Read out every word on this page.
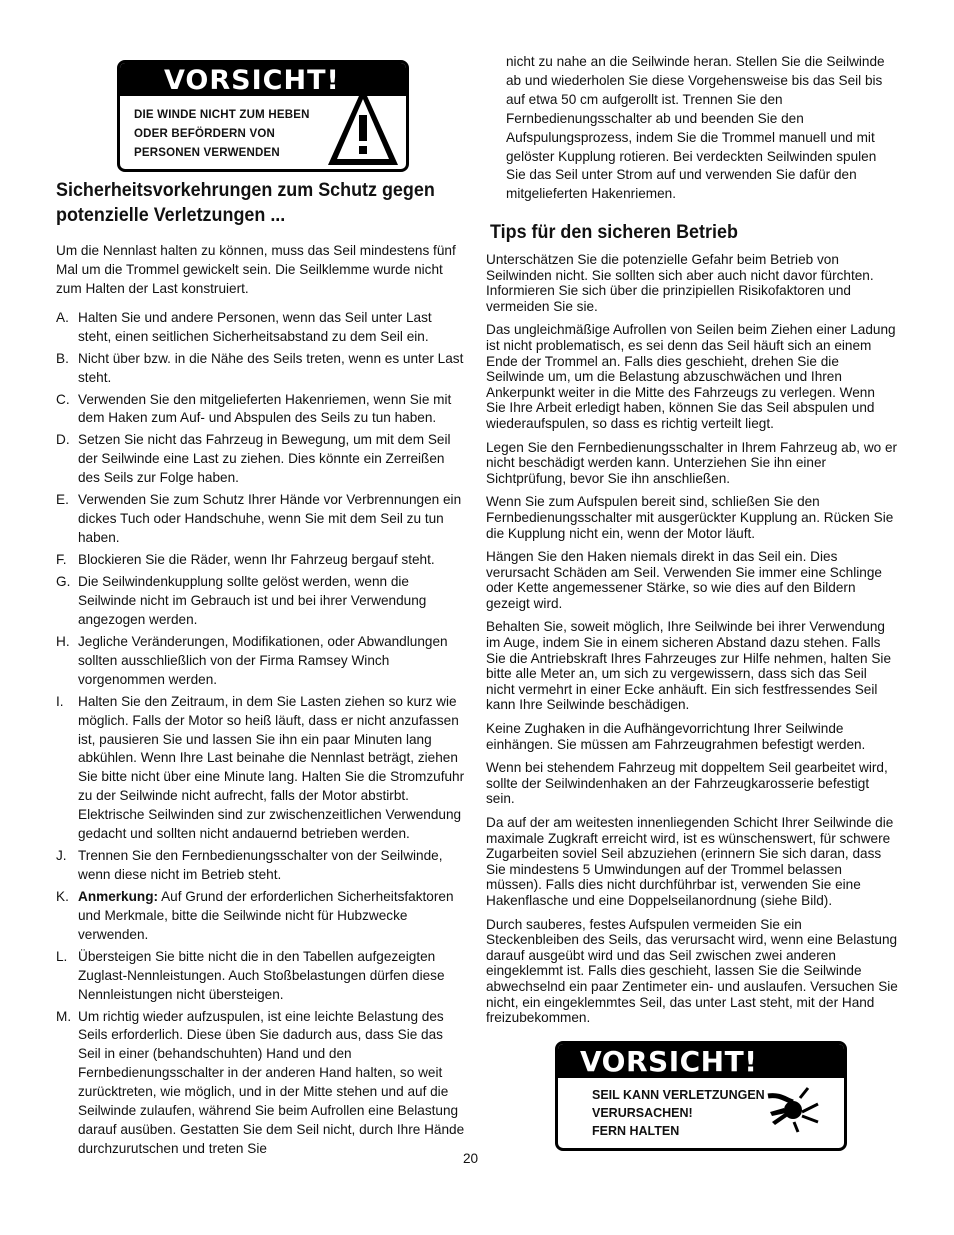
VORSICHT!
DIE WINDE NICHT ZUM HEBEN
ODER BEFÖRDERN VON
PERSONEN VERWENDEN
Sicherheitsvorkehrungen zum Schutz gegen potenzielle Verletzungen ...

Um die Nennlast halten zu können, muss das Seil mindestens fünf Mal um die Trommel gewickelt sein. Die Seilklemme wurde nicht zum Halten der Last konstruiert.

A. Halten Sie und andere Personen, wenn das Seil unter Last steht, einen seitlichen Sicherheitsabstand zu dem Seil ein.
B. Nicht über bzw. in die Nähe des Seils treten, wenn es unter Last steht.
C. Verwenden Sie den mitgelieferten Hakenriemen, wenn Sie mit dem Haken zum Auf- und Abspulen des Seils zu tun haben.
D. Setzen Sie nicht das Fahrzeug in Bewegung, um mit dem Seil der Seilwinde eine Last zu ziehen. Dies könnte ein Zerreißen des Seils zur Folge haben.
E. Verwenden Sie zum Schutz Ihrer Hände vor Verbrennungen ein dickes Tuch oder Handschuhe, wenn Sie mit dem Seil zu tun haben.
F. Blockieren Sie die Räder, wenn Ihr Fahrzeug bergauf steht.
G. Die Seilwindenkupplung sollte gelöst werden, wenn die Seilwinde nicht im Gebrauch ist und bei ihrer Verwendung angezogen werden.
H. Jegliche Veränderungen, Modifikationen, oder Abwandlungen sollten ausschließlich von der Firma Ramsey Winch vorgenommen werden.
I.	Halten Sie den Zeitraum, in dem Sie Lasten ziehen so kurz wie möglich. Falls der Motor so heiß läuft, dass er nicht anzufassen ist, pausieren Sie und lassen Sie ihn ein paar Minuten lang abkühlen. Wenn Ihre Last beinahe die Nennlast beträgt, ziehen Sie bitte nicht über eine Minute lang. Halten Sie die Stromzufuhr zu der Seilwinde nicht aufrecht, falls der Motor abstirbt. Elektrische Seilwinden sind zur zwischenzeitlichen Verwendung gedacht und sollten nicht andauernd betrieben werden.
J. Trennen Sie den Fernbedienungsschalter von der Seilwinde, wenn diese nicht im Betrieb steht.
K. Anmerkung: Auf Grund der erforderlichen Sicherheitsfaktoren und Merkmale, bitte die Seilwinde nicht für Hubzwecke verwenden.
L. Übersteigen Sie bitte nicht die in den Tabellen aufgezeigten Zuglast-Nennleistungen. Auch Stoßbelastungen dürfen diese Nennleistungen nicht übersteigen.
M. Um richtig wieder aufzuspulen, ist eine leichte Belastung des Seils erforderlich. Diese üben Sie dadurch aus, dass Sie das Seil in einer (behandschuhten) Hand und den Fernbedienungsschalter in der anderen Hand halten, so weit zurücktreten, wie möglich, und in der Mitte stehen und auf die Seilwinde zulaufen, während Sie beim Aufrollen eine Belastung darauf ausüben. Gestatten Sie dem Seil nicht, durch Ihre Hände durchzurutschen und treten Sie
nicht zu nahe an die Seilwinde heran. Stellen Sie die Seilwinde ab und wiederholen Sie diese Vorgehensweise bis das Seil bis auf etwa 50 cm aufgerollt ist. Trennen Sie den Fernbedienungsschalter ab und beenden Sie den Aufspulungsprozess, indem Sie die Trommel manuell und mit gelöster Kupplung rotieren. Bei verdeckten Seilwinden spulen Sie das Seil unter Strom auf und verwenden Sie dafür den mitgelieferten Hakenriemen.
Tips für den sicheren Betrieb

Unterschätzen Sie die potenzielle Gefahr beim Betrieb von Seilwinden nicht. Sie sollten sich aber auch nicht davor fürchten. Informieren Sie sich über die prinzipiellen Risikofaktoren und vermeiden Sie sie.

Das ungleichmäßige Aufrollen von Seilen beim Ziehen einer Ladung ist nicht problematisch, es sei denn das Seil häuft sich an einem Ende der Trommel an. Falls dies geschieht, drehen Sie die Seilwinde um, um die Belastung abzuschwächen und Ihren Ankerpunkt weiter in die Mitte des Fahrzeugs zu verlegen. Wenn Sie Ihre Arbeit erledigt haben, können Sie das Seil abspulen und wiederaufspulen, so dass es richtig verteilt liegt.

Legen Sie den Fernbedienungsschalter in Ihrem Fahrzeug ab, wo er nicht beschädigt werden kann. Unterziehen Sie ihn einer Sichtprüfung, bevor Sie ihn anschließen.

Wenn Sie zum Aufspulen bereit sind, schließen Sie den Fernbedienungsschalter mit ausgerückter Kupplung an. Rücken Sie die Kupplung nicht ein, wenn der Motor läuft.

Hängen Sie den Haken niemals direkt in das Seil ein. Dies verursacht Schäden am Seil. Verwenden Sie immer eine Schlinge oder Kette angemessener Stärke, so wie dies auf den Bildern gezeigt wird.

Behalten Sie, soweit möglich, Ihre Seilwinde bei ihrer Verwendung im Auge, indem Sie in einem sicheren Abstand dazu stehen. Falls Sie die Antriebskraft Ihres Fahrzeuges zur Hilfe nehmen, halten Sie bitte alle Meter an, um sich zu vergewissern, dass sich das Seil nicht vermehrt in einer Ecke anhäuft. Ein sich festfressendes Seil kann Ihre Seilwinde beschädigen.

Keine Zughaken in die Aufhängevorrichtung Ihrer Seilwinde einhängen. Sie müssen am Fahrzeugrahmen befestigt werden.

Wenn bei stehendem Fahrzeug mit doppeltem Seil gearbeitet wird, sollte der Seilwindenhaken an der Fahrzeugkarosserie befestigt sein.

Da auf der am weitesten innenliegenden Schicht Ihrer Seilwinde die maximale Zugkraft erreicht wird, ist es wünschenswert, für schwere Zugarbeiten soviel Seil abzuziehen (erinnern Sie sich daran, dass Sie mindestens 5 Umwindungen auf der Trommel belassen müssen). Falls dies nicht durchführbar ist, verwenden Sie eine Hakenflasche und eine Doppelseilanordnung (siehe Bild).

Durch sauberes, festes Aufspulen vermeiden Sie ein Steckenbleiben des Seils, das verursacht wird, wenn eine Belastung darauf ausgeübt wird und das Seil zwischen zwei anderen eingeklemmt ist. Falls dies geschieht, lassen Sie die Seilwinde abwechselnd ein paar Zentimeter ein- und auslaufen. Versuchen Sie nicht, ein eingeklemmtes Seil, das unter Last steht, mit der Hand freizubekommen.

VORSICHT!
SEIL KANN VERLETZUNGEN
VERURSACHEN!
FERN HALTEN
20
